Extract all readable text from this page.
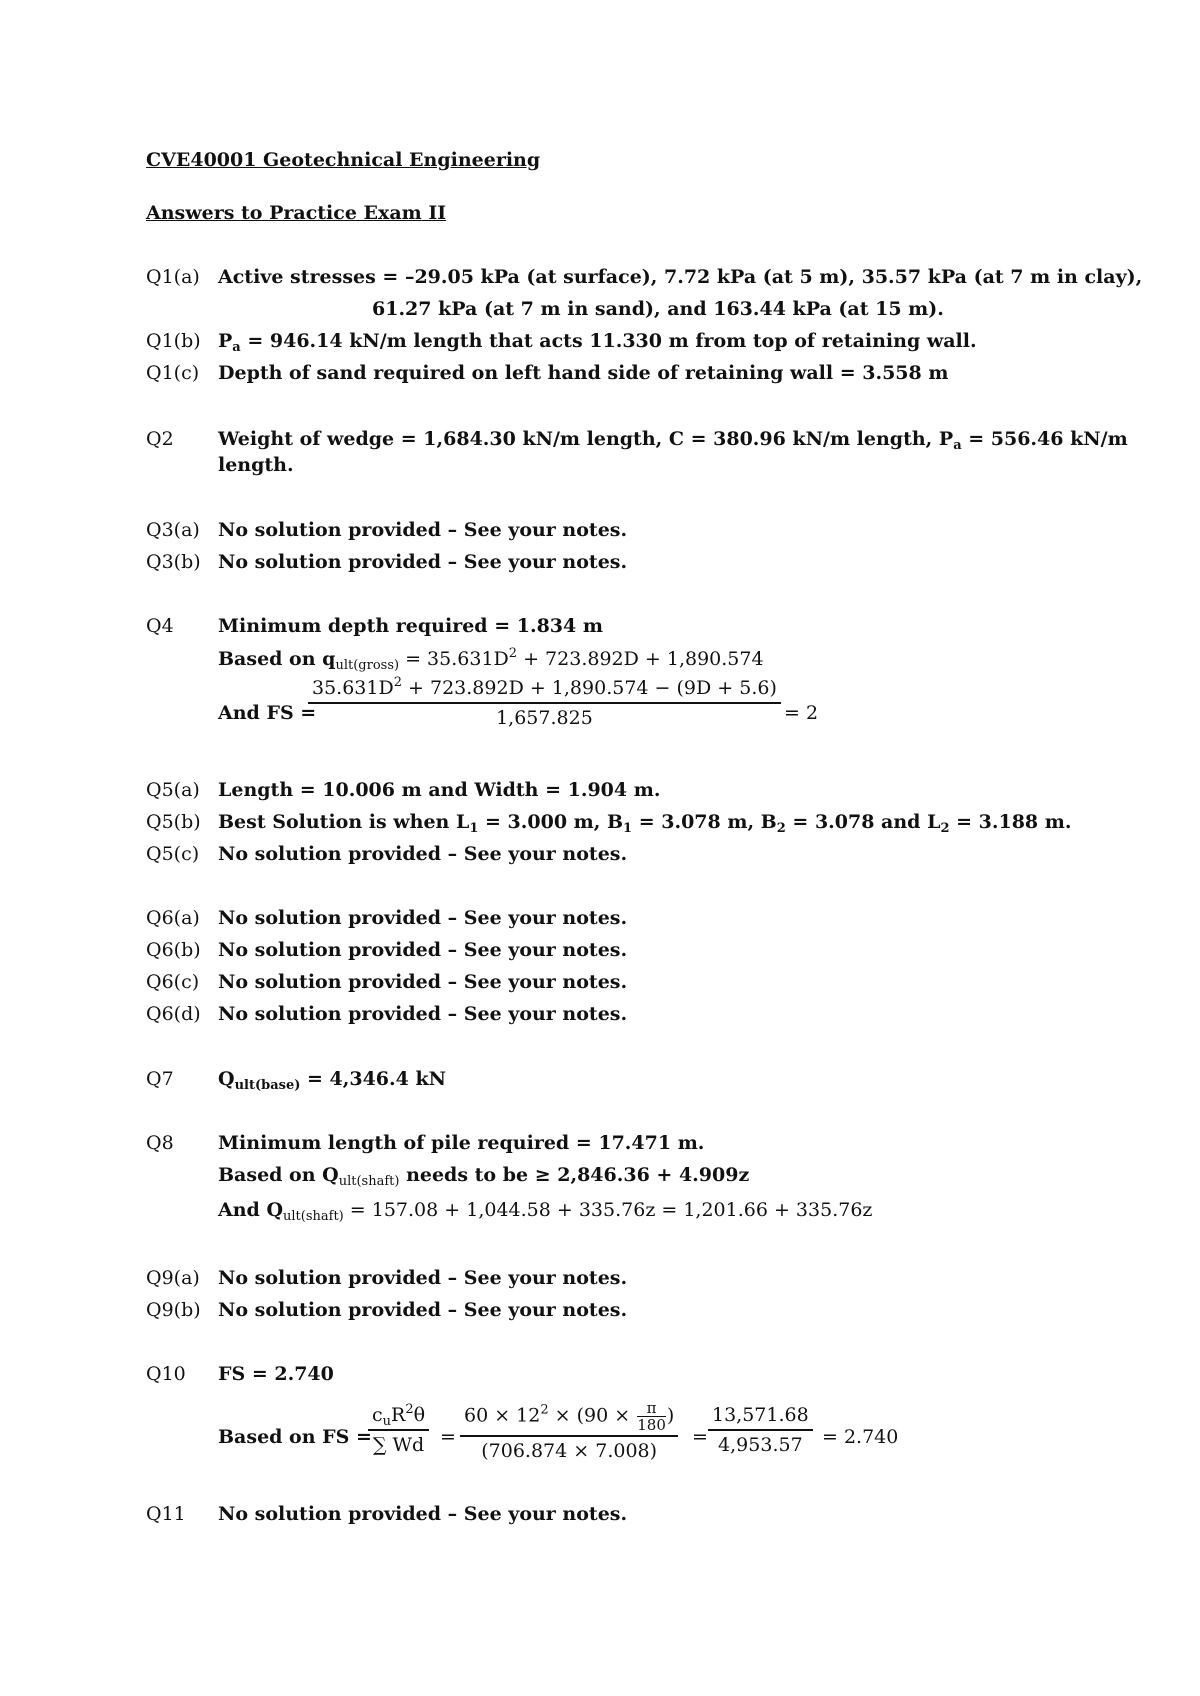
CVE40001 Geotechnical Engineering
Answers to Practice Exam II
Q1(a) Active stresses = –29.05 kPa (at surface), 7.72 kPa (at 5 m), 35.57 kPa (at 7 m in clay),
61.27 kPa (at 7 m in sand), and 163.44 kPa (at 15 m).
Q1(b) $P_a = 946.14$ kN/m length that acts 11.330 m from top of retaining wall.
Q1(c) Depth of sand required on left hand side of retaining wall = 3.558 m
Q2 Weight of wedge = 1,684.30 kN/m length, C = 380.96 kN/m length, $P_a = 556.46$ kN/m
length.
Q3(a) No solution provided – See your notes.
Q3(b) No solution provided – See your notes.
Q4 Minimum depth required = 1.834 m
Based on $q_{ult(gross)} = 35.631D^2 + 723.892D + 1,890.574$
And FS =
$\frac{35.631D^2 + 723.892D + 1,890.574 - (9D + 5.6)}{1,657.825} = 2$
Q5(a) Length = 10.006 m and Width = 1.904 m.
Q5(b) Best Solution is when $L_1 = 3.000$ m, $B_1 = 3.078$ m, $B_2 = 3.078$ and $L_2 = 3.188$ m.
Q5(c) No solution provided – See your notes.
Q6(a) No solution provided – See your notes.
Q6(b) No solution provided – See your notes.
Q6(c) No solution provided – See your notes.
Q6(d) No solution provided – See your notes.
Q7 $Q_{ult(base)} = 4,346.4$ kN
Q8 Minimum length of pile required = 17.471 m.
Based on $Q_{ult(shaft)}$ needs to be ≥ 2,846.36 + 4.909z
And $Q_{ult(shaft)} = 157.08 + 1,044.58 + 335.76z = 1,201.66 + 335.76z$
Q9(a) No solution provided – See your notes.
Q9(b) No solution provided – See your notes.
Q10 FS = 2.740
Based on FS =
$c_uR^2\theta$
∑ $Wd = \frac{60 \times 12^2 \times (90 \times \frac{\pi}{180} )}{(706.874 \times 7.008)} = \frac{13,571.68}{4,953.57} = 2.740$
Q11 No solution provided – See your notes.
